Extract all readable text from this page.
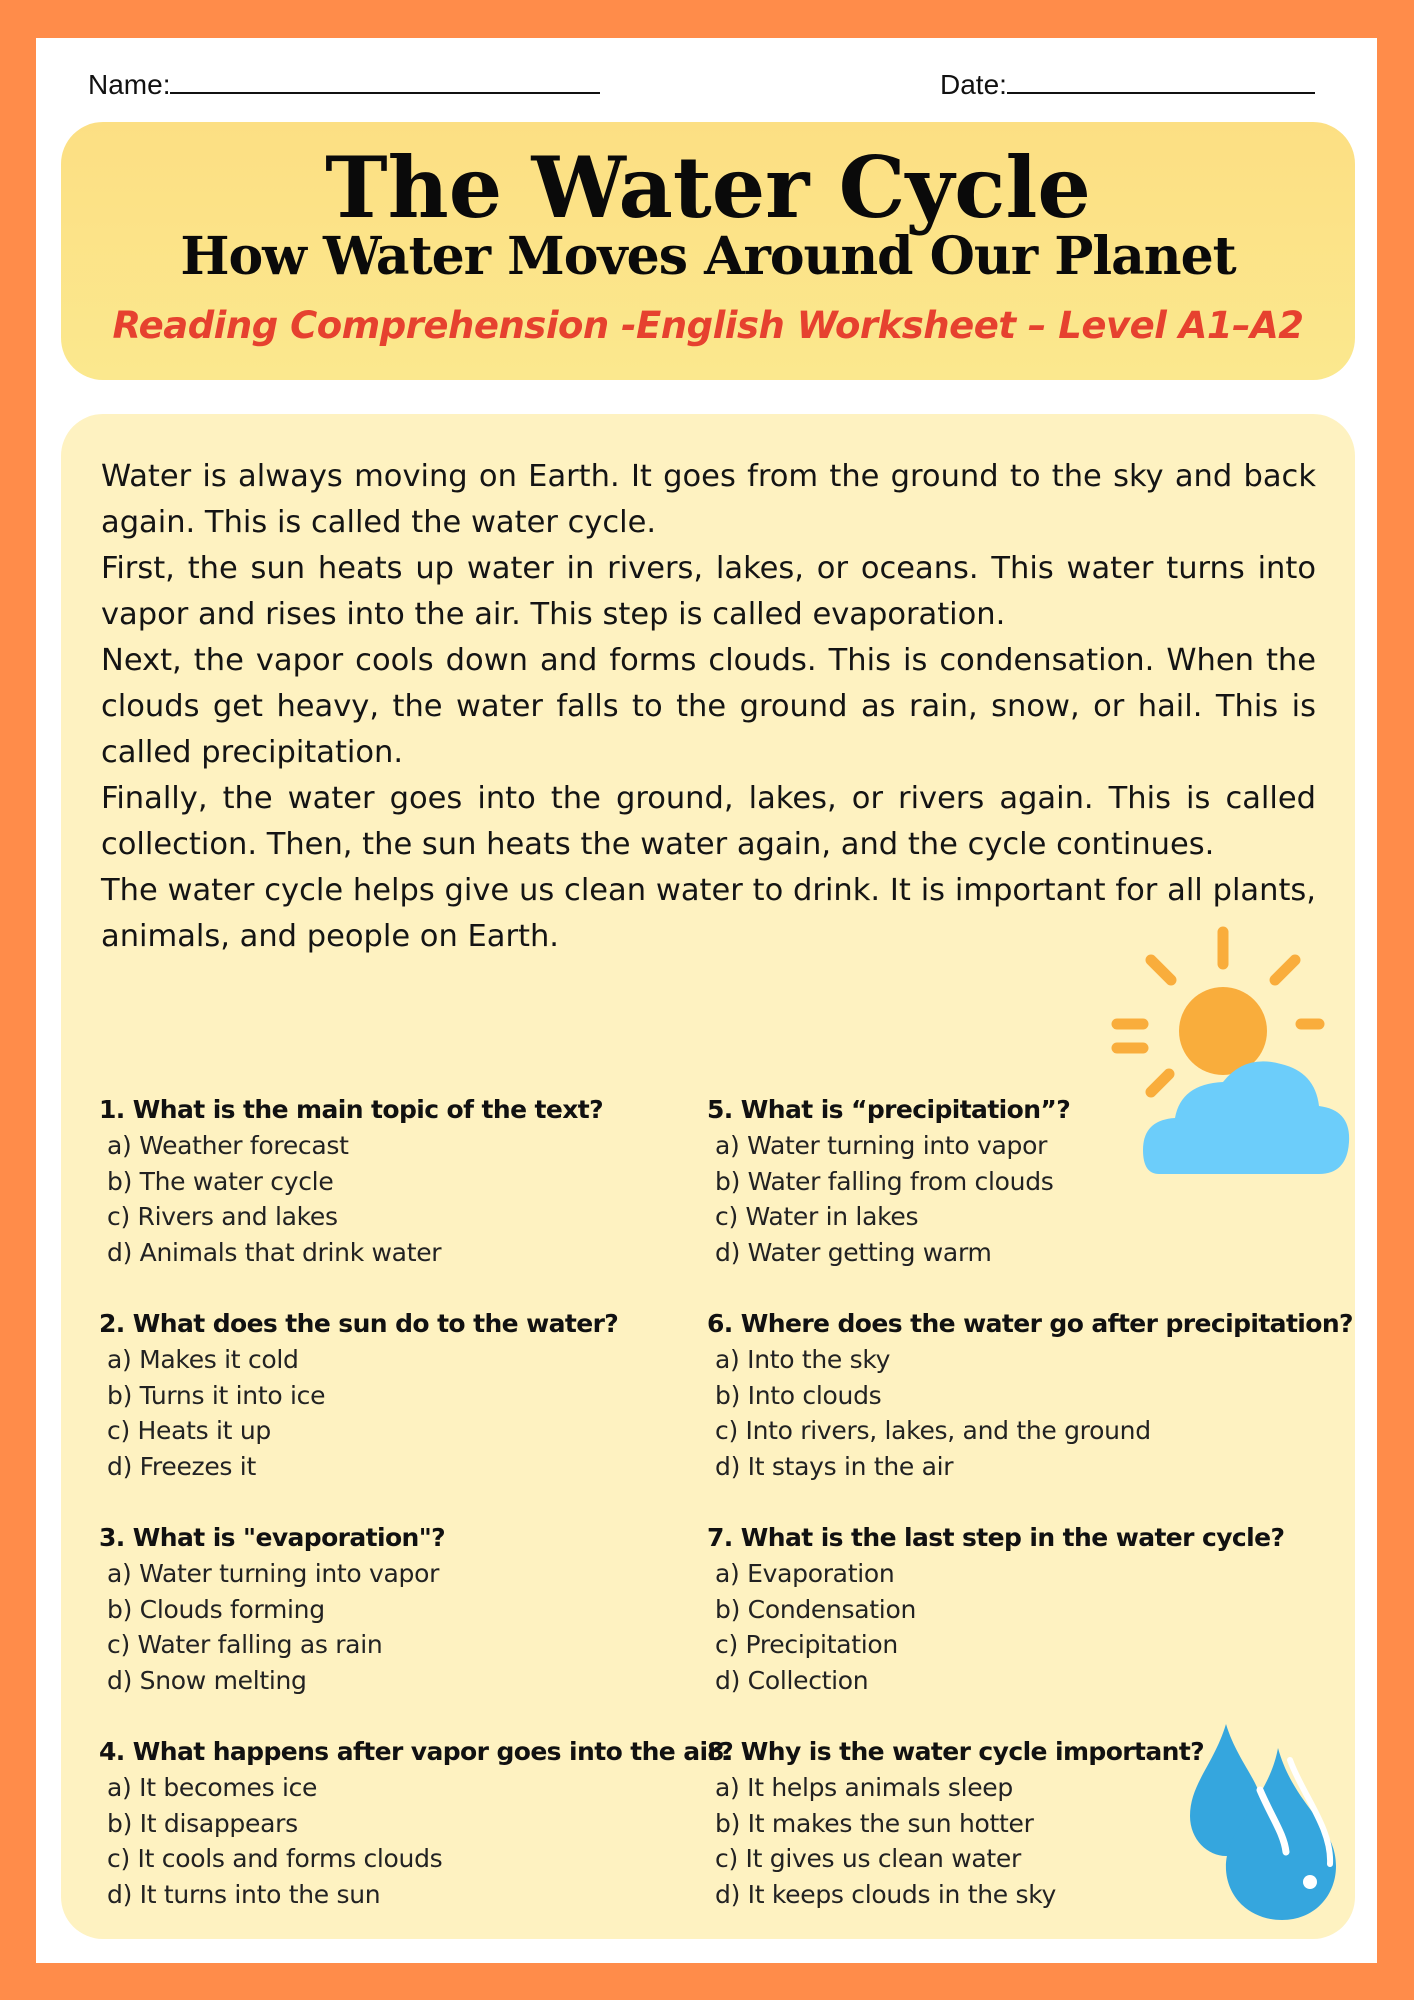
Name:	Date:
The Water Cycle
How Water Moves Around Our Planet
Reading Comprehension -English Worksheet – Level A1–A2

Water is always moving on Earth. It goes from the ground to the sky and back again. This is called the water cycle.

First, the sun heats up water in rivers, lakes, or oceans. This water turns into vapor and rises into the air. This step is called evaporation.

Next, the vapor cools down and forms clouds. This is condensation. When the clouds get heavy, the water falls to the ground as rain, snow, or hail. This is called precipitation.

Finally, the water goes into the ground, lakes, or rivers again. This is called collection. Then, the sun heats the water again, and the cycle continues.

The water cycle helps give us clean water to drink. It is important for all plants, animals, and people on Earth.

1. What is the main topic of the text?
a) Weather forecast
b) The water cycle
c) Rivers and lakes
d) Animals that drink water
2. What does the sun do to the water?
a) Makes it cold
b) Turns it into ice
c) Heats it up
d) Freezes it
3. What is "evaporation"?
a) Water turning into vapor
b) Clouds forming
c) Water falling as rain
d) Snow melting
4. What happens after vapor goes into the air?
a) It becomes ice
b) It disappears
c) It cools and forms clouds
d) It turns into the sun
5. What is “precipitation”?
a) Water turning into vapor
b) Water falling from clouds
c) Water in lakes
d) Water getting warm
6. Where does the water go after precipitation?
a) Into the sky
b) Into clouds
c) Into rivers, lakes, and the ground
d) It stays in the air
7. What is the last step in the water cycle?
a) Evaporation
b) Condensation
c) Precipitation
d) Collection
8. Why is the water cycle important?
a) It helps animals sleep
b) It makes the sun hotter
c) It gives us clean water
d) It keeps clouds in the sky
